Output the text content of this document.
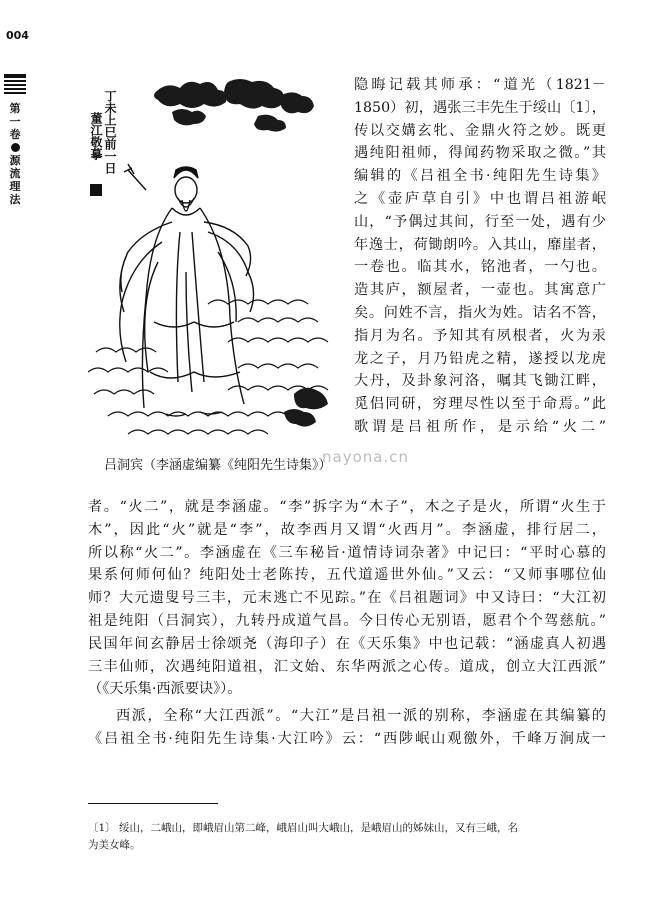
004
第
一
卷
源
流
理
法
丁未上巳前一日
董江敬摹
吕洞宾（李涵虚编纂《纯阳先生诗集》）
nayona.cn
隐晦记载其师承：“道光（1821－
1850）初，遇张三丰先生于绥山〔1〕，
传以交媾玄牝、金鼎火符之妙。既更
遇纯阳祖师，得闻药物采取之微。”其
编辑的《吕祖全书·纯阳先生诗集》
之《壶庐草自引》中也谓吕祖游岷
山，“予偶过其间，行至一处，遇有少
年逸士，荷锄朗吟。入其山，靡崖者，
一卷也。临其水，铭池者，一勺也。
造其庐，额屋者，一壶也。其寓意广
矣。问姓不言，指火为姓。诘名不答，
指月为名。予知其有夙根者，火为汞
龙之子，月乃铅虎之精，遂授以龙虎
大丹，及卦象河洛，嘱其飞锄江畔，
觅侣同研，穷理尽性以至于命焉。”此
歌谓是吕祖所作，是示给“火二”
者。“火二”，就是李涵虚。“李”拆字为“木子”，木之子是火，所谓“火生于
木”，因此“火”就是“李”，故李西月又谓“火西月”。李涵虚，排行居二，
所以称“火二”。李涵虚在《三车秘旨·道情诗词杂著》中记曰：“平时心慕的
果系何师何仙？纯阳处士老陈抟，五代道遥世外仙。”又云：“又师事哪位仙
师？大元遗叟号三丰，元末逃亡不见踪。”在《吕祖题词》中又诗曰：“大江初
祖是纯阳（吕洞宾），九转丹成道气昌。今日传心无别语，愿君个个驾慈航。”
民国年间玄静居士徐颂尧（海印子）在《天乐集》中也记载：“涵虚真人初遇
三丰仙师，次遇纯阳道祖，汇文始、东华两派之心传。道成，创立大江西派”
（《天乐集·西派要诀》）。
西派，全称“大江西派”。“大江”是吕祖一派的别称，李涵虚在其编纂的
《吕祖全书·纯阳先生诗集·大江吟》云：“西陟岷山观徼外，千峰万涧成一
〔1〕 绥山，二峨山，即峨眉山第二峰，峨眉山叫大峨山，是峨眉山的姊妹山，又有三峨，名
为美女峰。
